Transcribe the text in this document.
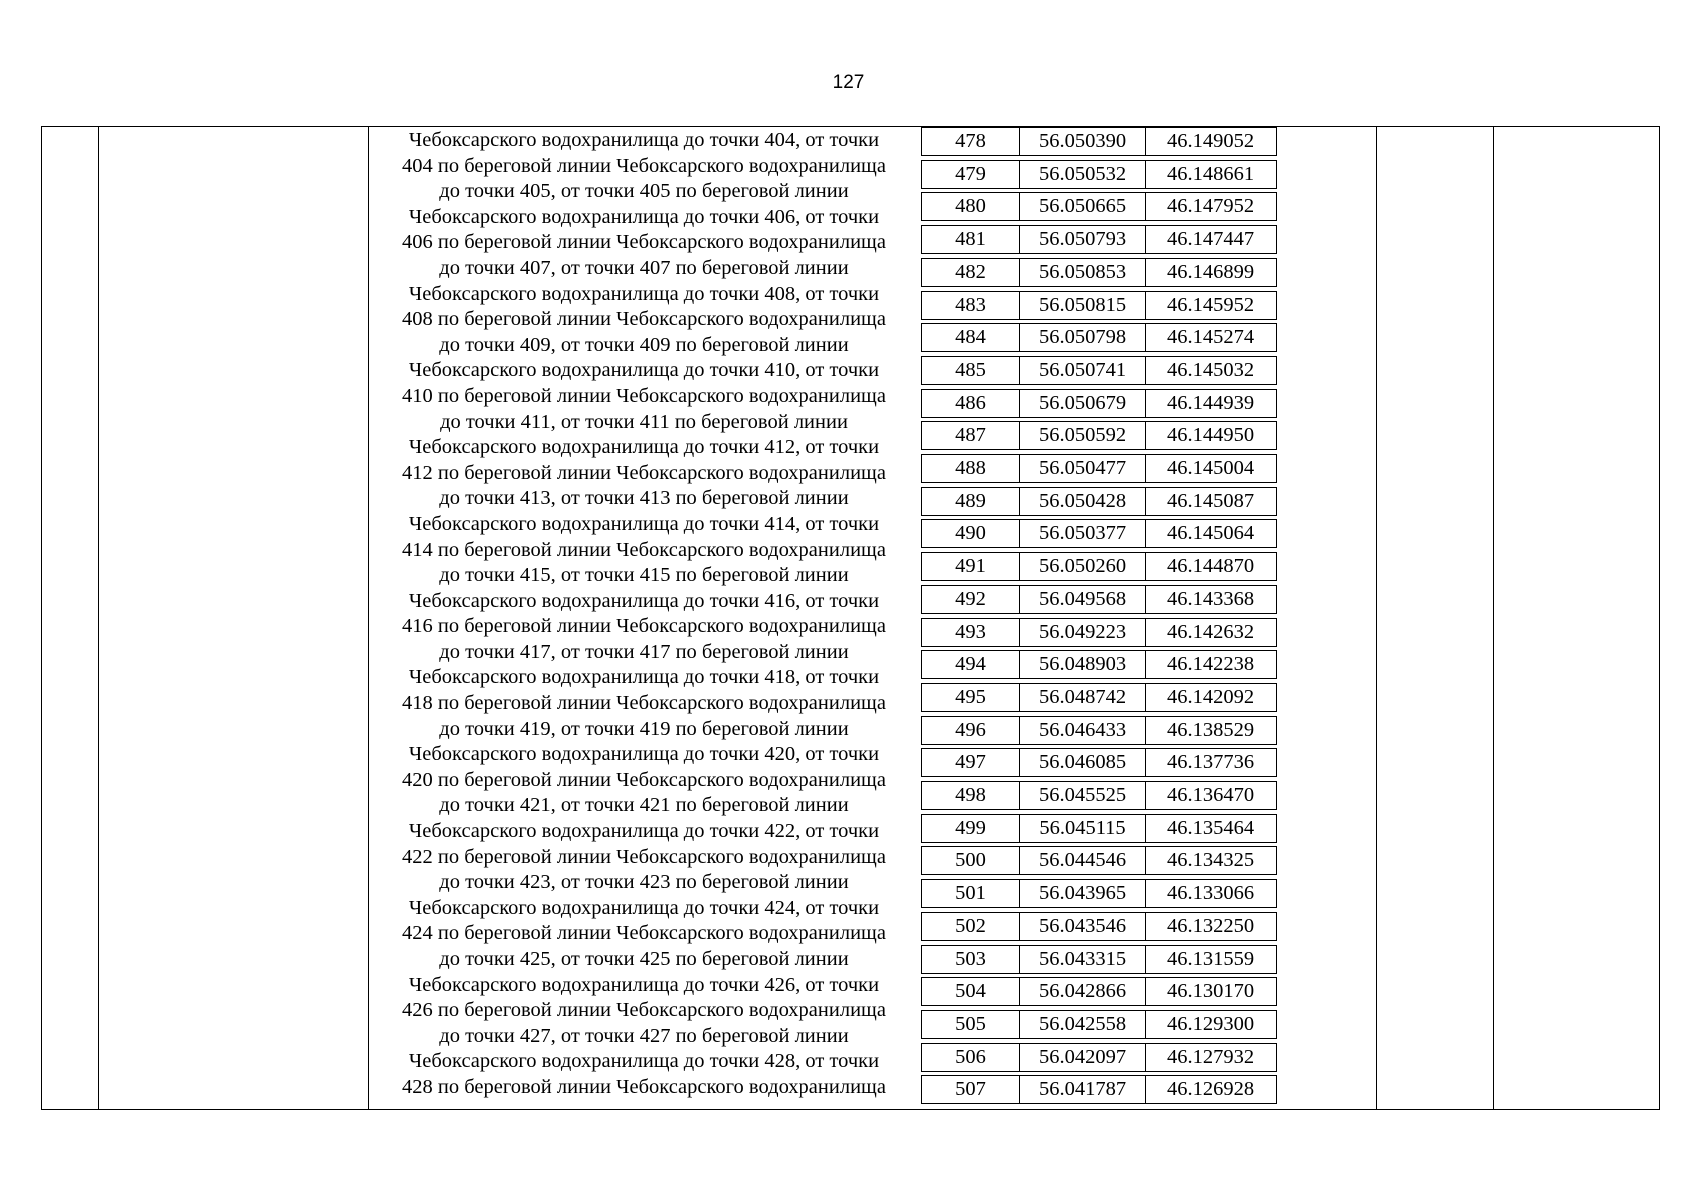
127
Чебоксарского водохранилища до точки 404, от точки
404 по береговой линии Чебоксарского водохранилища
до точки 405, от точки 405 по береговой линии
Чебоксарского водохранилища до точки 406, от точки
406 по береговой линии Чебоксарского водохранилища
до точки 407, от точки 407 по береговой линии
Чебоксарского водохранилища до точки 408, от точки
408 по береговой линии Чебоксарского водохранилища
до точки 409, от точки 409 по береговой линии
Чебоксарского водохранилища до точки 410, от точки
410 по береговой линии Чебоксарского водохранилища
до точки 411, от точки 411 по береговой линии
Чебоксарского водохранилища до точки 412, от точки
412 по береговой линии Чебоксарского водохранилища
до точки 413, от точки 413 по береговой линии
Чебоксарского водохранилища до точки 414, от точки
414 по береговой линии Чебоксарского водохранилища
до точки 415, от точки 415 по береговой линии
Чебоксарского водохранилища до точки 416, от точки
416 по береговой линии Чебоксарского водохранилища
до точки 417, от точки 417 по береговой линии
Чебоксарского водохранилища до точки 418, от точки
418 по береговой линии Чебоксарского водохранилища
до точки 419, от точки 419 по береговой линии
Чебоксарского водохранилища до точки 420, от точки
420 по береговой линии Чебоксарского водохранилища
до точки 421, от точки 421 по береговой линии
Чебоксарского водохранилища до точки 422, от точки
422 по береговой линии Чебоксарского водохранилища
до точки 423, от точки 423 по береговой линии
Чебоксарского водохранилища до точки 424, от точки
424 по береговой линии Чебоксарского водохранилища
до точки 425, от точки 425 по береговой линии
Чебоксарского водохранилища до точки 426, от точки
426 по береговой линии Чебоксарского водохранилища
до точки 427, от точки 427 по береговой линии
Чебоксарского водохранилища до точки 428, от точки
428 по береговой линии Чебоксарского водохранилища
478	56.050390	46.149052
479	56.050532	46.148661
480	56.050665	46.147952
481	56.050793	46.147447
482	56.050853	46.146899
483	56.050815	46.145952
484	56.050798	46.145274
485	56.050741	46.145032
486	56.050679	46.144939
487	56.050592	46.144950
488	56.050477	46.145004
489	56.050428	46.145087
490	56.050377	46.145064
491	56.050260	46.144870
492	56.049568	46.143368
493	56.049223	46.142632
494	56.048903	46.142238
495	56.048742	46.142092
496	56.046433	46.138529
497	56.046085	46.137736
498	56.045525	46.136470
499	56.045115	46.135464
500	56.044546	46.134325
501	56.043965	46.133066
502	56.043546	46.132250
503	56.043315	46.131559
504	56.042866	46.130170
505	56.042558	46.129300
506	56.042097	46.127932
507	56.041787	46.126928
